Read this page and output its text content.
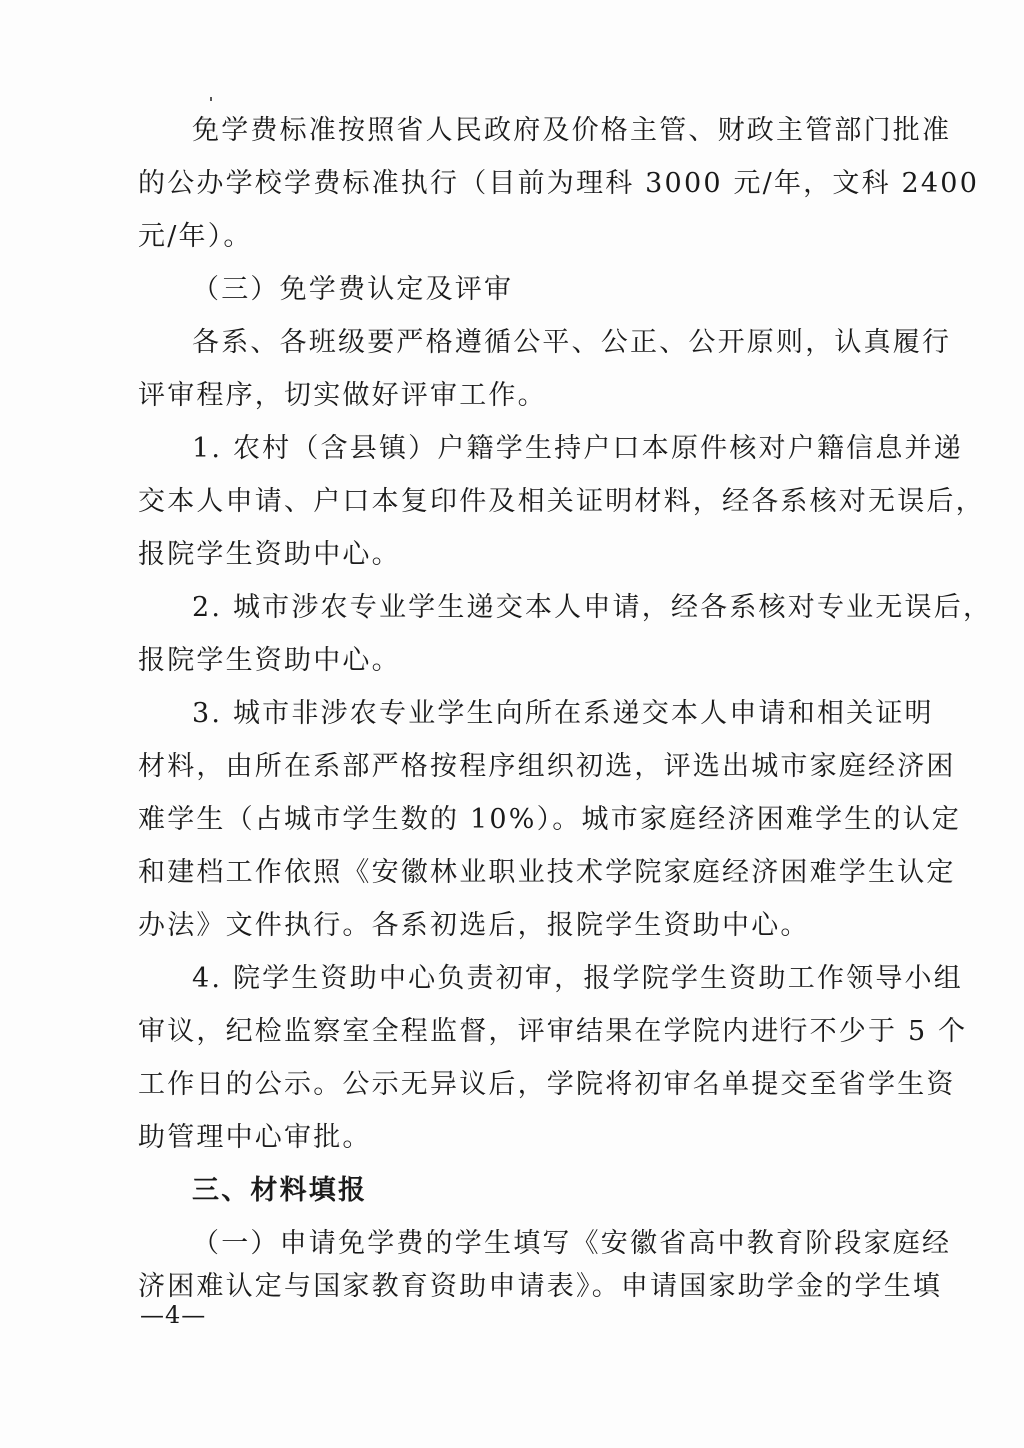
免学费标准按照省人民政府及价格主管、财政主管部门批准
的公办学校学费标准执行（目前为理科 3000 元/年，文科 2400
元/年）。
（三）免学费认定及评审
各系、各班级要严格遵循公平、公正、公开原则，认真履行
评审程序，切实做好评审工作。
1. 农村（含县镇）户籍学生持户口本原件核对户籍信息并递
交本人申请、户口本复印件及相关证明材料，经各系核对无误后，
报院学生资助中心。
2. 城市涉农专业学生递交本人申请，经各系核对专业无误后，
报院学生资助中心。
3. 城市非涉农专业学生向所在系递交本人申请和相关证明
材料，由所在系部严格按程序组织初选，评选出城市家庭经济困
难学生（占城市学生数的 10%）。城市家庭经济困难学生的认定
和建档工作依照《安徽林业职业技术学院家庭经济困难学生认定
办法》文件执行。各系初选后，报院学生资助中心。
4. 院学生资助中心负责初审，报学院学生资助工作领导小组
审议，纪检监察室全程监督，评审结果在学院内进行不少于 5 个
工作日的公示。公示无异议后，学院将初审名单提交至省学生资
助管理中心审批。
三、材料填报
（一）申请免学费的学生填写《安徽省高中教育阶段家庭经
济困难认定与国家教育资助申请表》。申请国家助学金的学生填
—4—
